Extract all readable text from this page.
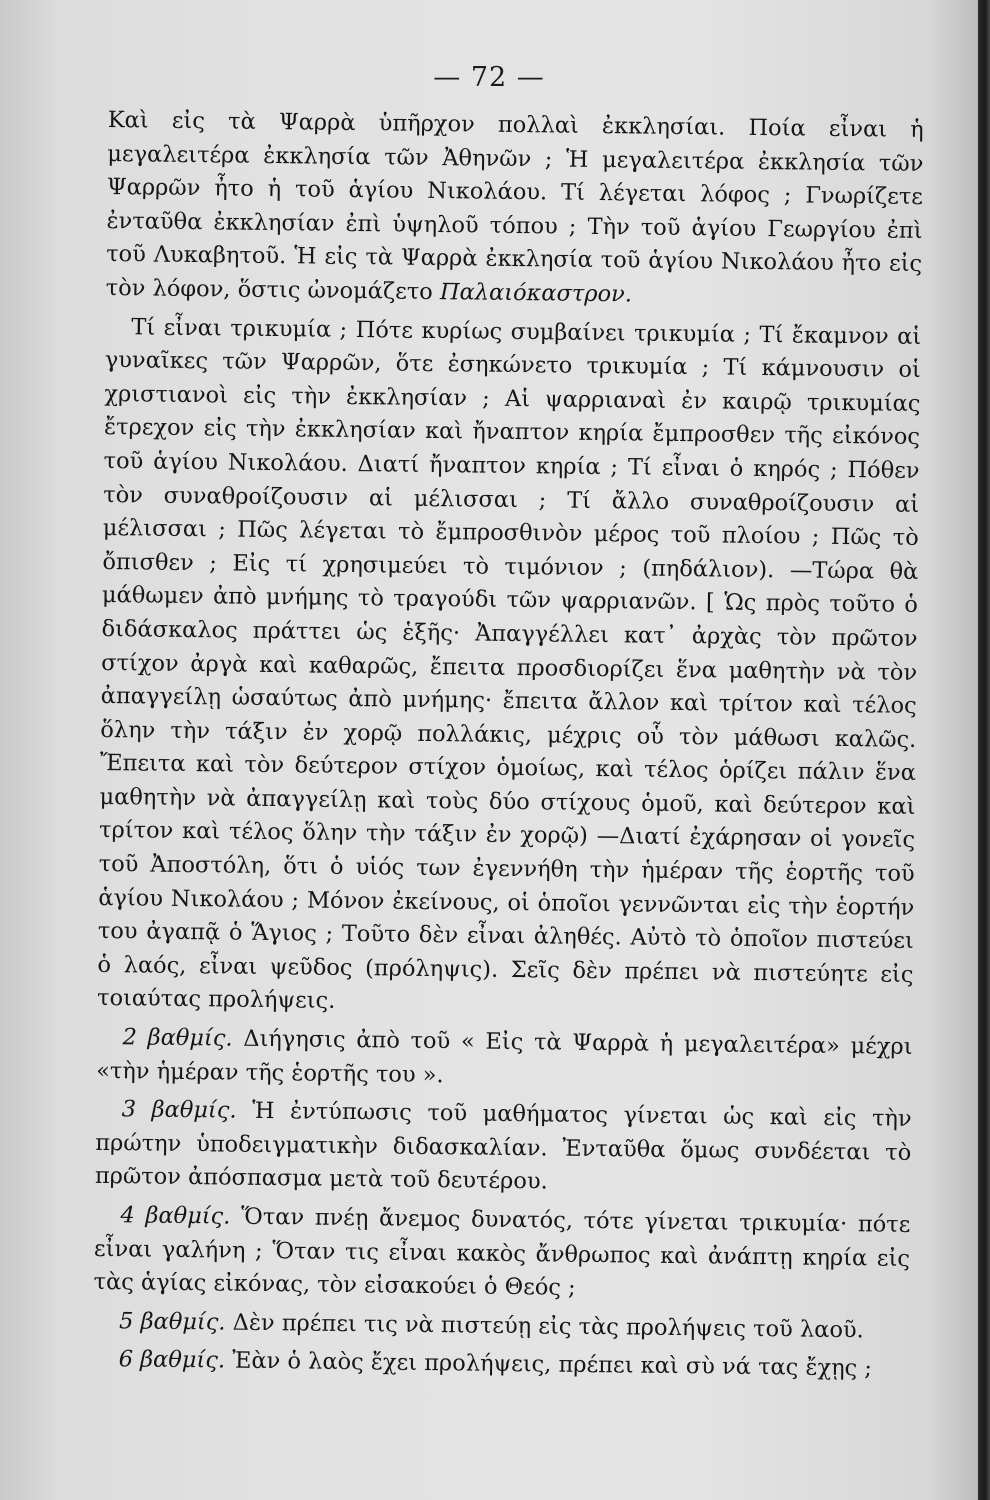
— 72 —

Καὶ εἰς τὰ Ψαρρὰ ὑπῆρχον πολλαὶ ἐκκλησίαι. Ποία εἶναι ἡ μεγαλειτέρα ἐκκλησία τῶν Ἀθηνῶν ; Ἡ μεγαλειτέρα ἐκκλησία τῶν Ψαρρῶν ἦτο ἡ τοῦ ἁγίου Νικολάου. Τί λέγεται λόφος ; Γνωρίζετε ἐνταῦθα ἐκκλησίαν ἐπὶ ὑψηλοῦ τόπου ; Τὴν τοῦ ἁγίου Γεωργίου ἐπὶ τοῦ Λυκαβητοῦ. Ἡ εἰς τὰ Ψαρρὰ ἐκκλησία τοῦ ἁγίου Νικολάου ἦτο εἰς τὸν λόφον, ὅστις ὠνομάζετο Παλαιόκαστρον.

Τί εἶναι τρικυμία ; Πότε κυρίως συμβαίνει τρικυμία ; Τί ἔκαμνον αἱ γυναῖκες τῶν Ψαρρῶν, ὅτε ἐσηκώνετο τρικυμία ; Τί κάμνουσιν οἱ χριστιανοὶ εἰς τὴν ἐκκλησίαν ; Αἱ ψαρριαναὶ ἐν καιρῷ τρικυμίας ἔτρεχον εἰς τὴν ἐκκλησίαν καὶ ἤναπτον κηρία ἔμπροσθεν τῆς εἰκόνος τοῦ ἁγίου Νικολάου. Διατί ἤναπτον κηρία ; Τί εἶναι ὁ κηρός ; Πόθεν τὸν συναθροίζουσιν αἱ μέλισσαι ; Τί ἄλλο συναθροίζουσιν αἱ μέλισσαι ; Πῶς λέγεται τὸ ἔμπροσθινὸν μέρος τοῦ πλοίου ; Πῶς τὸ ὄπισθεν ; Εἰς τί χρησιμεύει τὸ τιμόνιον ; (πηδάλιον). —Τώρα θὰ μάθωμεν ἀπὸ μνήμης τὸ τραγούδι τῶν ψαρριανῶν. [ Ὡς πρὸς τοῦτο ὁ διδάσκαλος πράττει ὡς ἑξῆς· Ἀπαγγέλλει κατ᾽ ἀρχὰς τὸν πρῶτον στίχον ἀργὰ καὶ καθαρῶς, ἔπειτα προσδιορίζει ἕνα μαθητὴν νὰ τὸν ἀπαγγείλῃ ὡσαύτως ἀπὸ μνήμης· ἔπειτα ἄλλον καὶ τρίτον καὶ τέλος ὅλην τὴν τάξιν ἐν χορῷ πολλάκις, μέχρις οὗ τὸν μάθωσι καλῶς. Ἔπειτα καὶ τὸν δεύτερον στίχον ὁμοίως, καὶ τέλος ὁρίζει πάλιν ἕνα μαθητὴν νὰ ἀπαγγείλῃ καὶ τοὺς δύο στίχους ὁμοῦ, καὶ δεύτερον καὶ τρίτον καὶ τέλος ὅλην τὴν τάξιν ἐν χορῷ) —Διατί ἐχάρησαν οἱ γονεῖς τοῦ Ἀποστόλη, ὅτι ὁ υἱός των ἐγεννήθη τὴν ἡμέραν τῆς ἑορτῆς τοῦ ἁγίου Νικολάου ; Μόνον ἐκείνους, οἱ ὁποῖοι γεννῶνται εἰς τὴν ἑορτήν του ἀγαπᾷ ὁ Ἅγιος ; Τοῦτο δὲν εἶναι ἀληθές. Αὐτὸ τὸ ὁποῖον πιστεύει ὁ λαός, εἶναι ψεῦδος (πρόληψις). Σεῖς δὲν πρέπει νὰ πιστεύητε εἰς τοιαύτας προλήψεις.

2 βαθμίς. Διήγησις ἀπὸ τοῦ « Εἰς τὰ Ψαρρὰ ἡ μεγαλειτέρα» μέχρι «τὴν ἡμέραν τῆς ἑορτῆς του ».

3 βαθμίς. Ἡ ἐντύπωσις τοῦ μαθήματος γίνεται ὡς καὶ εἰς τὴν πρώτην ὑποδειγματικὴν διδασκαλίαν. Ἐνταῦθα ὅμως συνδέεται τὸ πρῶτον ἀπόσπασμα μετὰ τοῦ δευτέρου.

4 βαθμίς. Ὅταν πνέῃ ἄνεμος δυνατός, τότε γίνεται τρικυμία· πότε εἶναι γαλήνη ; Ὅταν τις εἶναι κακὸς ἄνθρωπος καὶ ἀνάπτῃ κηρία εἰς τὰς ἁγίας εἰκόνας, τὸν εἰσακούει ὁ Θεός ;

5 βαθμίς. Δὲν πρέπει τις νὰ πιστεύῃ εἰς τὰς προλήψεις τοῦ λαοῦ.

6 βαθμίς. Ἐὰν ὁ λαὸς ἔχει προλήψεις, πρέπει καὶ σὺ νά τας ἔχῃς ;
